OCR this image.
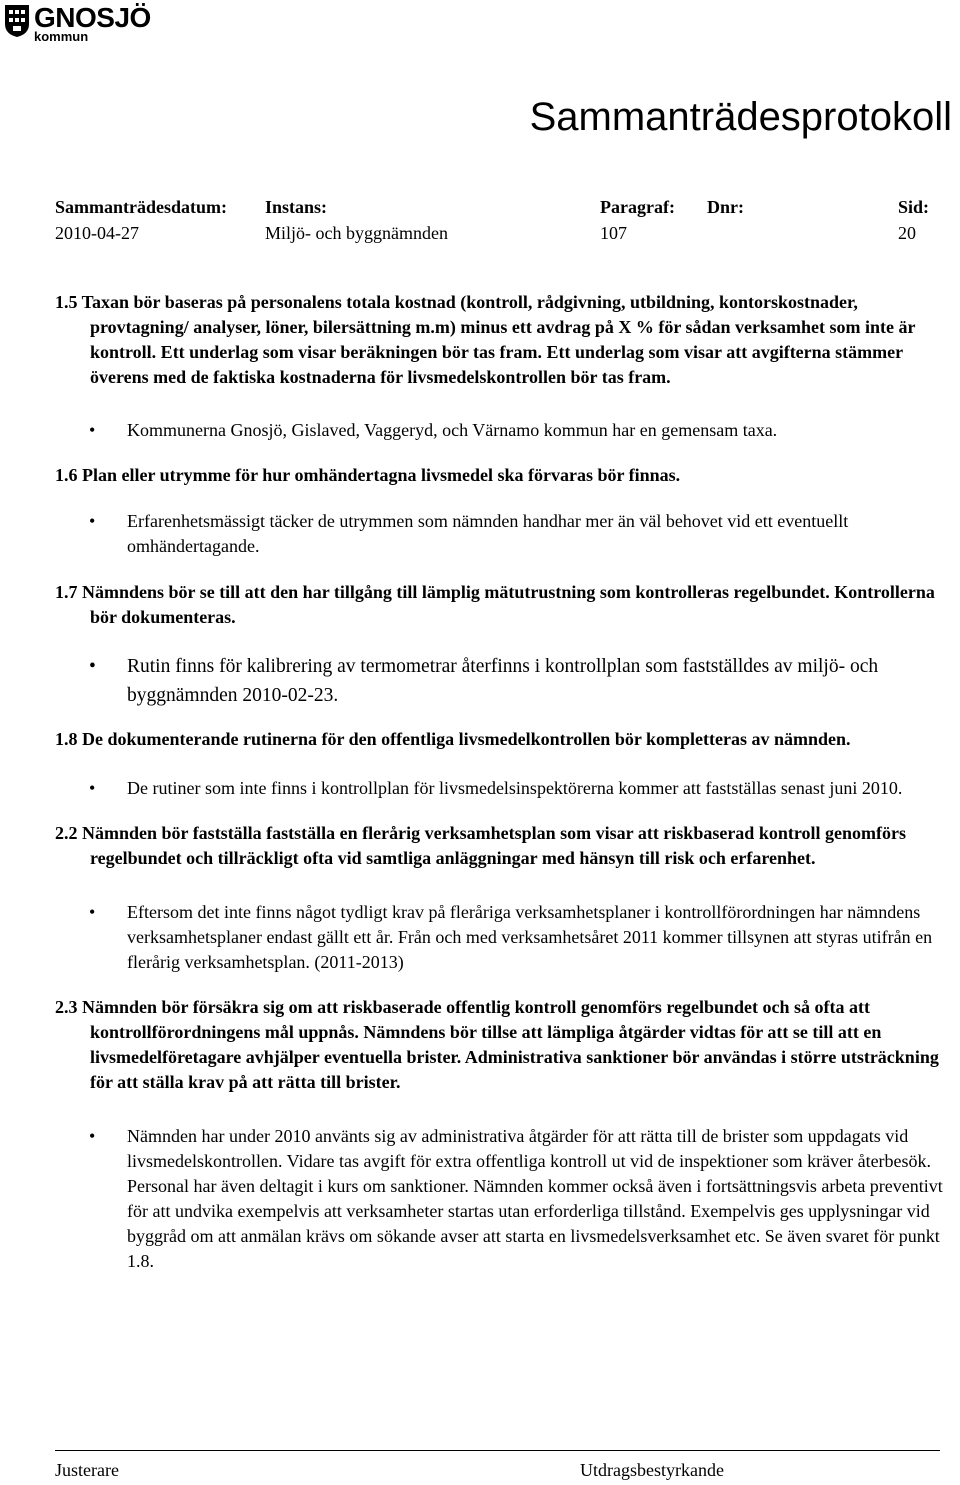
GNOSJÖ
kommun
Sammanträdesprotokoll
Sammanträdesdatum:
2010-04-27
Instans:
Miljö- och byggnämnden
Paragraf:
107
Dnr:	Sid:
20

1.5 Taxan bör baseras på personalens totala kostnad (kontroll, rådgivning, utbildning, kontorskostnader, provtagning/ analyser, löner, bilersättning m.m) minus ett avdrag på X % för sådan verksamhet som inte är kontroll. Ett underlag som visar beräkningen bör tas fram. Ett underlag som visar att avgifterna stämmer överens med de faktiska kostnaderna för livsmedelskontrollen bör tas fram.

• Kommunerna Gnosjö, Gislaved, Vaggeryd, och Värnamo kommun har en gemensam taxa.

1.6 Plan eller utrymme för hur omhändertagna livsmedel ska förvaras bör finnas.

• Erfarenhetsmässigt täcker de utrymmen som nämnden handhar mer än väl behovet vid ett eventuellt omhändertagande.

1.7 Nämndens bör se till att den har tillgång till lämplig mätutrustning som kontrolleras regelbundet. Kontrollerna bör dokumenteras.

• Rutin finns för kalibrering av termometrar återfinns i kontrollplan som fastställdes av miljö- och byggnämnden 2010-02-23.

1.8 De dokumenterande rutinerna för den offentliga livsmedelkontrollen bör kompletteras av nämnden.

• De rutiner som inte finns i kontrollplan för livsmedelsinspektörerna kommer att fastställas senast juni 2010.

2.2 Nämnden bör fastställa fastställa en flerårig verksamhetsplan som visar att riskbaserad kontroll genomförs regelbundet och tillräckligt ofta vid samtliga anläggningar med hänsyn till risk och erfarenhet.

• Eftersom det inte finns något tydligt krav på fleråriga verksamhetsplaner i kontrollförordningen har nämndens verksamhetsplaner endast gällt ett år. Från och med verksamhetsåret 2011 kommer tillsynen att styras utifrån en flerårig verksamhetsplan. (2011-2013)

2.3 Nämnden bör försäkra sig om att riskbaserade offentlig kontroll genomförs regelbundet och så ofta att kontrollförordningens mål uppnås. Nämndens bör tillse att lämpliga åtgärder vidtas för att se till att en livsmedelföretagare avhjälper eventuella brister. Administrativa sanktioner bör användas i större utsträckning för att ställa krav på att rätta till brister.

• Nämnden har under 2010 använts sig av administrativa åtgärder för att rätta till de brister som uppdagats vid livsmedelskontrollen. Vidare tas avgift för extra offentliga kontroll ut vid de inspektioner som kräver återbesök. Personal har även deltagit i kurs om sanktioner. Nämnden kommer också även i fortsättningsvis arbeta preventivt för att undvika exempelvis att verksamheter startas utan erforderliga tillstånd. Exempelvis ges upplysningar vid byggråd om att anmälan krävs om sökande avser att starta en livsmedelsverksamhet etc. Se även svaret för punkt 1.8.
Justerare	Utdragsbestyrkande
